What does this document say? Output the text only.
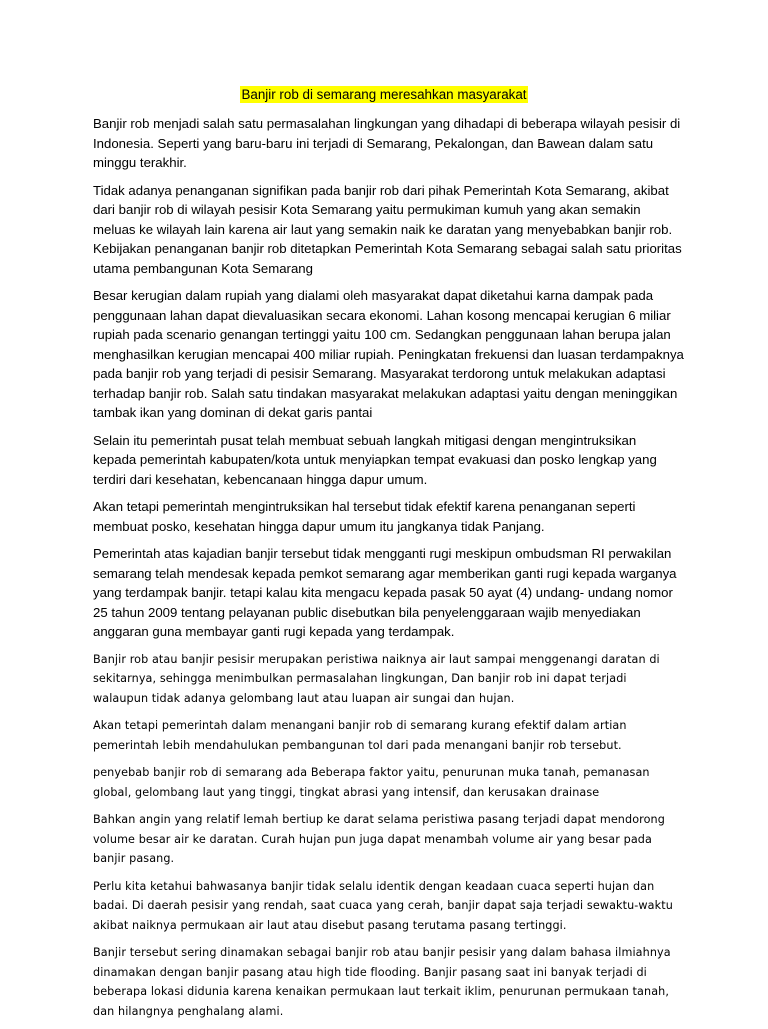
Banjir rob di semarang meresahkan masyarakat

Banjir rob menjadi salah satu permasalahan lingkungan yang dihadapi di beberapa wilayah pesisir di
Indonesia. Seperti yang baru-baru ini terjadi di Semarang, Pekalongan, dan Bawean dalam satu
minggu terakhir.

Tidak adanya penanganan signifikan pada banjir rob dari pihak Pemerintah Kota Semarang, akibat
dari banjir rob di wilayah pesisir Kota Semarang yaitu permukiman kumuh yang akan semakin
meluas ke wilayah lain karena air laut yang semakin naik ke daratan yang menyebabkan banjir rob.
Kebijakan penanganan banjir rob ditetapkan Pemerintah Kota Semarang sebagai salah satu prioritas
utama pembangunan Kota Semarang

Besar kerugian dalam rupiah yang dialami oleh masyarakat dapat diketahui karna dampak pada
penggunaan lahan dapat dievaluasikan secara ekonomi. Lahan kosong mencapai kerugian 6 miliar
rupiah pada scenario genangan tertinggi yaitu 100 cm. Sedangkan penggunaan lahan berupa jalan
menghasilkan kerugian mencapai 400 miliar rupiah. Peningkatan frekuensi dan luasan terdampaknya
pada banjir rob yang terjadi di pesisir Semarang. Masyarakat terdorong untuk melakukan adaptasi
terhadap banjir rob. Salah satu tindakan masyarakat melakukan adaptasi yaitu dengan meninggikan
tambak ikan yang dominan di dekat garis pantai

Selain itu pemerintah pusat telah membuat sebuah langkah mitigasi dengan mengintruksikan
kepada pemerintah kabupaten/kota untuk menyiapkan tempat evakuasi dan posko lengkap yang
terdiri dari kesehatan, kebencanaan hingga dapur umum.

Akan tetapi pemerintah mengintruksikan hal tersebut tidak efektif karena penanganan seperti
membuat posko, kesehatan hingga dapur umum itu jangkanya tidak Panjang.

Pemerintah atas kajadian banjir tersebut tidak mengganti rugi meskipun ombudsman RI perwakilan
semarang telah mendesak kepada pemkot semarang agar memberikan ganti rugi kepada warganya
yang terdampak banjir. tetapi kalau kita mengacu kepada pasak 50 ayat (4) undang- undang nomor
25 tahun 2009 tentang pelayanan public disebutkan bila penyelenggaraan wajib menyediakan
anggaran guna membayar ganti rugi kepada yang terdampak.

Banjir rob atau banjir pesisir merupakan peristiwa naiknya air laut sampai menggenangi daratan di
sekitarnya, sehingga menimbulkan permasalahan lingkungan, Dan banjir rob ini dapat terjadi
walaupun tidak adanya gelombang laut atau luapan air sungai dan hujan.

Akan tetapi pemerintah dalam menangani banjir rob di semarang kurang efektif dalam artian
pemerintah lebih mendahulukan pembangunan tol dari pada menangani banjir rob tersebut.

penyebab banjir rob di semarang ada Beberapa faktor yaitu, penurunan muka tanah, pemanasan
global, gelombang laut yang tinggi, tingkat abrasi yang intensif, dan kerusakan drainase

Bahkan angin yang relatif lemah bertiup ke darat selama peristiwa pasang terjadi dapat mendorong
volume besar air ke daratan. Curah hujan pun juga dapat menambah volume air yang besar pada
banjir pasang.

Perlu kita ketahui bahwasanya banjir tidak selalu identik dengan keadaan cuaca seperti hujan dan
badai. Di daerah pesisir yang rendah, saat cuaca yang cerah, banjir dapat saja terjadi sewaktu-waktu
akibat naiknya permukaan air laut atau disebut pasang terutama pasang tertinggi.

Banjir tersebut sering dinamakan sebagai banjir rob atau banjir pesisir yang dalam bahasa ilmiahnya
dinamakan dengan banjir pasang atau high tide flooding. Banjir pasang saat ini banyak terjadi di
beberapa lokasi didunia karena kenaikan permukaan laut terkait iklim, penurunan permukaan tanah,
dan hilangnya penghalang alami.
